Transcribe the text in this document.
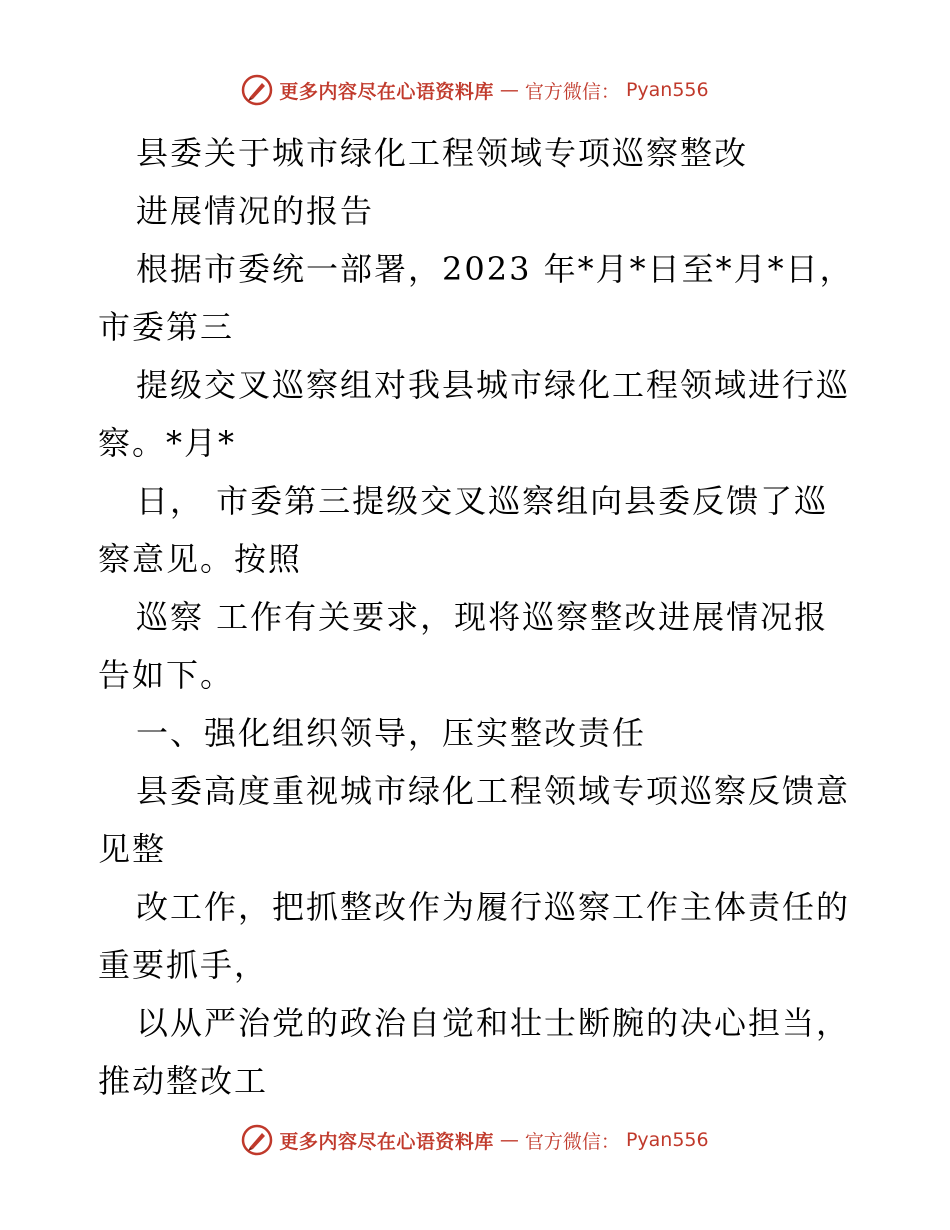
更多内容尽在心语资料库 — 官方微信： Pyan556
县委关于城市绿化工程领域专项巡察整改
进展情况的报告
根据市委统一部署，2023 年*月*日至*月*日，
市委第三
提级交叉巡察组对我县城市绿化工程领域进行巡
察。*月*
日， 市委第三提级交叉巡察组向县委反馈了巡
察意见。按照
巡察 工作有关要求，现将巡察整改进展情况报
告如下。
一、强化组织领导，压实整改责任
县委高度重视城市绿化工程领域专项巡察反馈意
见整
改工作，把抓整改作为履行巡察工作主体责任的
重要抓手，
以从严治党的政治自觉和壮士断腕的决心担当，
推动整改工
更多内容尽在心语资料库 — 官方微信： Pyan556
